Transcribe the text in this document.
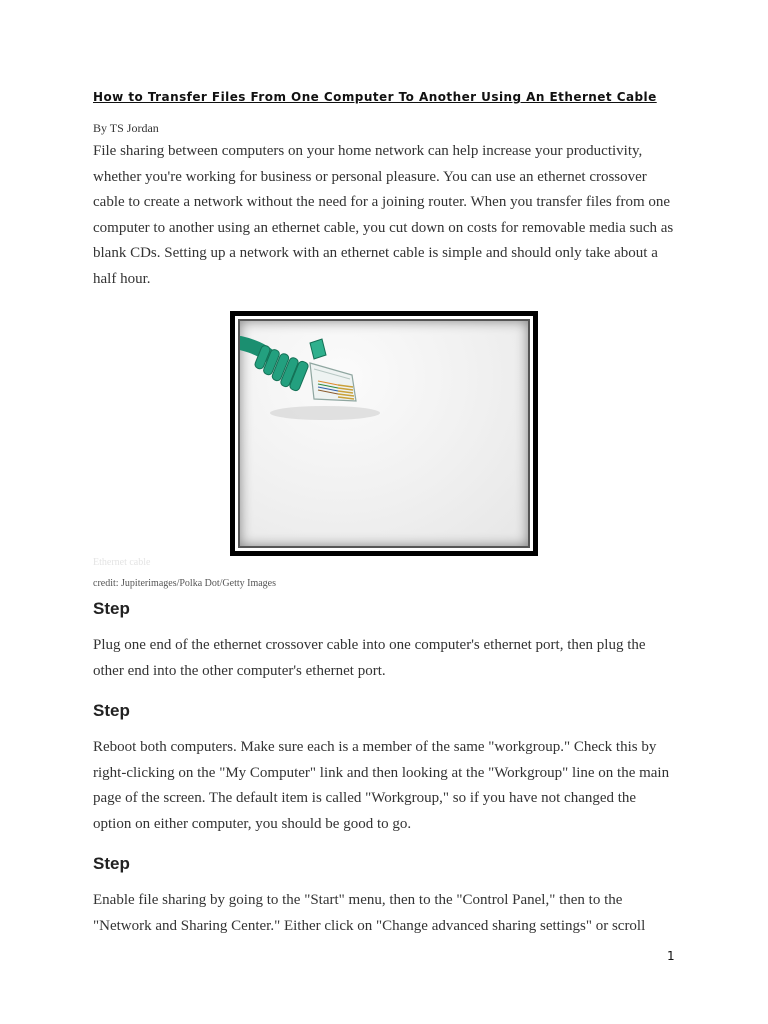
How to Transfer Files From One Computer To Another Using An Ethernet Cable
By TS Jordan

File sharing between computers on your home network can help increase your productivity, whether you're working for business or personal pleasure. You can use an ethernet crossover cable to create a network without the need for a joining router. When you transfer files from one computer to another using an ethernet cable, you cut down on costs for removable media such as blank CDs. Setting up a network with an ethernet cable is simple and should only take about a half hour.

Ethernet cable
credit: Jupiterimages/Polka Dot/Getty Images
Step

Plug one end of the ethernet crossover cable into one computer's ethernet port, then plug the other end into the other computer's ethernet port.

Step

Reboot both computers. Make sure each is a member of the same "workgroup." Check this by right-clicking on the "My Computer" link and then looking at the "Workgroup" line on the main page of the screen. The default item is called "Workgroup," so if you have not changed the option on either computer, you should be good to go.

Step

Enable file sharing by going to the "Start" menu, then to the "Control Panel," then to the "Network and Sharing Center." Either click on "Change advanced sharing settings" or scroll

1
